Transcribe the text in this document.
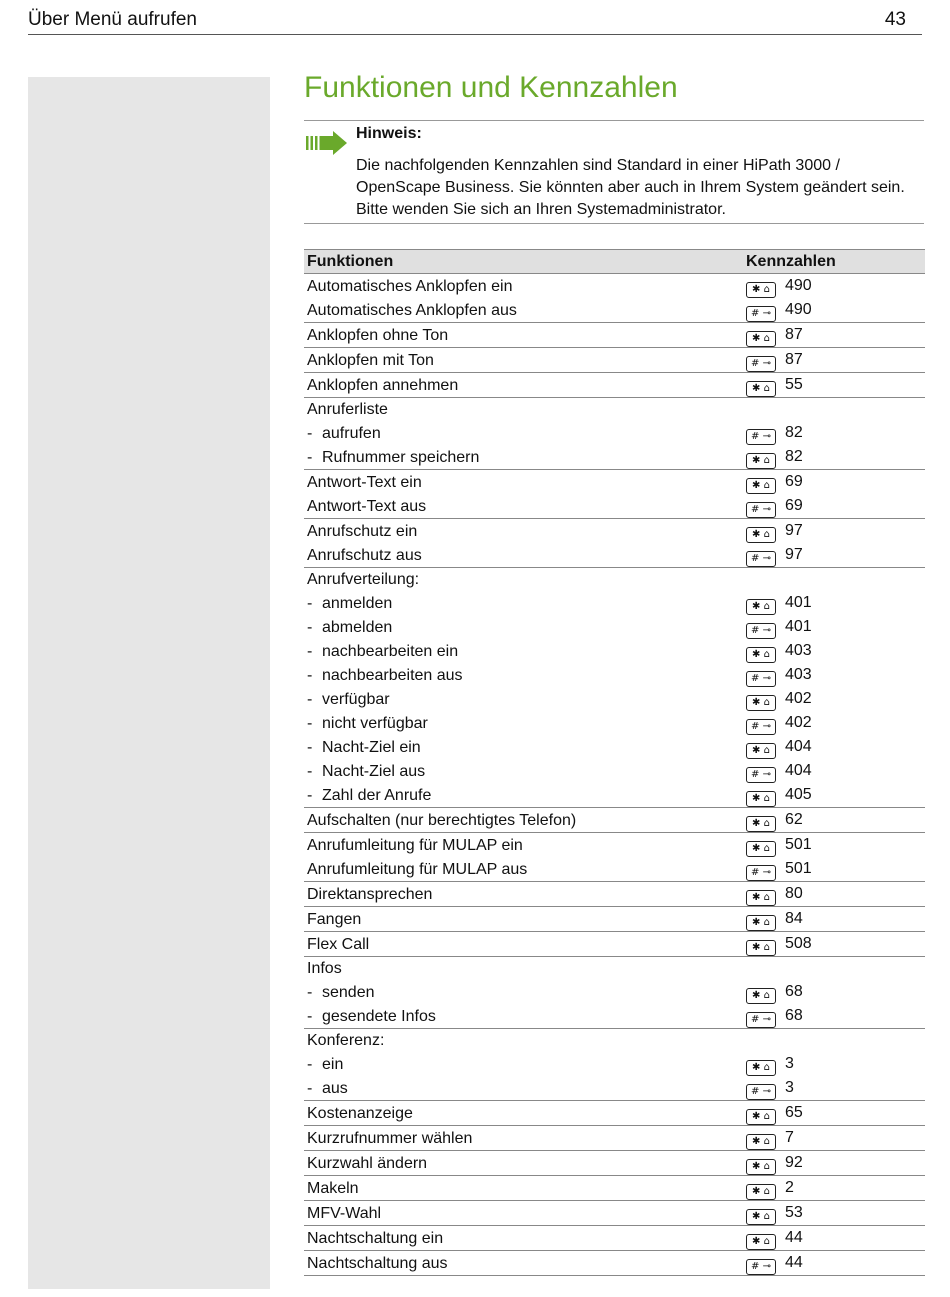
Über Menü aufrufen	43
Funktionen und Kennzahlen
Hinweis:
Die nachfolgenden Kennzahlen sind Standard in einer HiPath 3000 / OpenScape Business. Sie könnten aber auch in Ihrem System geändert sein. Bitte wenden Sie sich an Ihren Systemadministrator.
Funktionen	Kennzahlen
Automatisches Anklopfen ein	✱ ⌂ 490
Automatisches Anklopfen aus	# ⊸ 490
Anklopfen ohne Ton	✱ ⌂ 87
Anklopfen mit Ton	# ⊸ 87
Anklopfen annehmen	✱ ⌂ 55
Anruferliste	
- aufrufen	# ⊸ 82
- Rufnummer speichern	✱ ⌂ 82
Antwort-Text ein	✱ ⌂ 69
Antwort-Text aus	# ⊸ 69
Anrufschutz ein	✱ ⌂ 97
Anrufschutz aus	# ⊸ 97
Anrufverteilung:	
- anmelden	✱ ⌂ 401
- abmelden	# ⊸ 401
- nachbearbeiten ein	✱ ⌂ 403
- nachbearbeiten aus	# ⊸ 403
- verfügbar	✱ ⌂ 402
- nicht verfügbar	# ⊸ 402
- Nacht-Ziel ein	✱ ⌂ 404
- Nacht-Ziel aus	# ⊸ 404
- Zahl der Anrufe	✱ ⌂ 405
Aufschalten (nur berechtigtes Telefon)	✱ ⌂ 62
Anrufumleitung für MULAP ein	✱ ⌂ 501
Anrufumleitung für MULAP aus	# ⊸ 501
Direktansprechen	✱ ⌂ 80
Fangen	✱ ⌂ 84
Flex Call	✱ ⌂ 508
Infos	
- senden	✱ ⌂ 68
- gesendete Infos	# ⊸ 68
Konferenz:	
- ein	✱ ⌂ 3
- aus	# ⊸ 3
Kostenanzeige	✱ ⌂ 65
Kurzrufnummer wählen	✱ ⌂ 7
Kurzwahl ändern	✱ ⌂ 92
Makeln	✱ ⌂ 2
MFV-Wahl	✱ ⌂ 53
Nachtschaltung ein	✱ ⌂ 44
Nachtschaltung aus	# ⊸ 44
